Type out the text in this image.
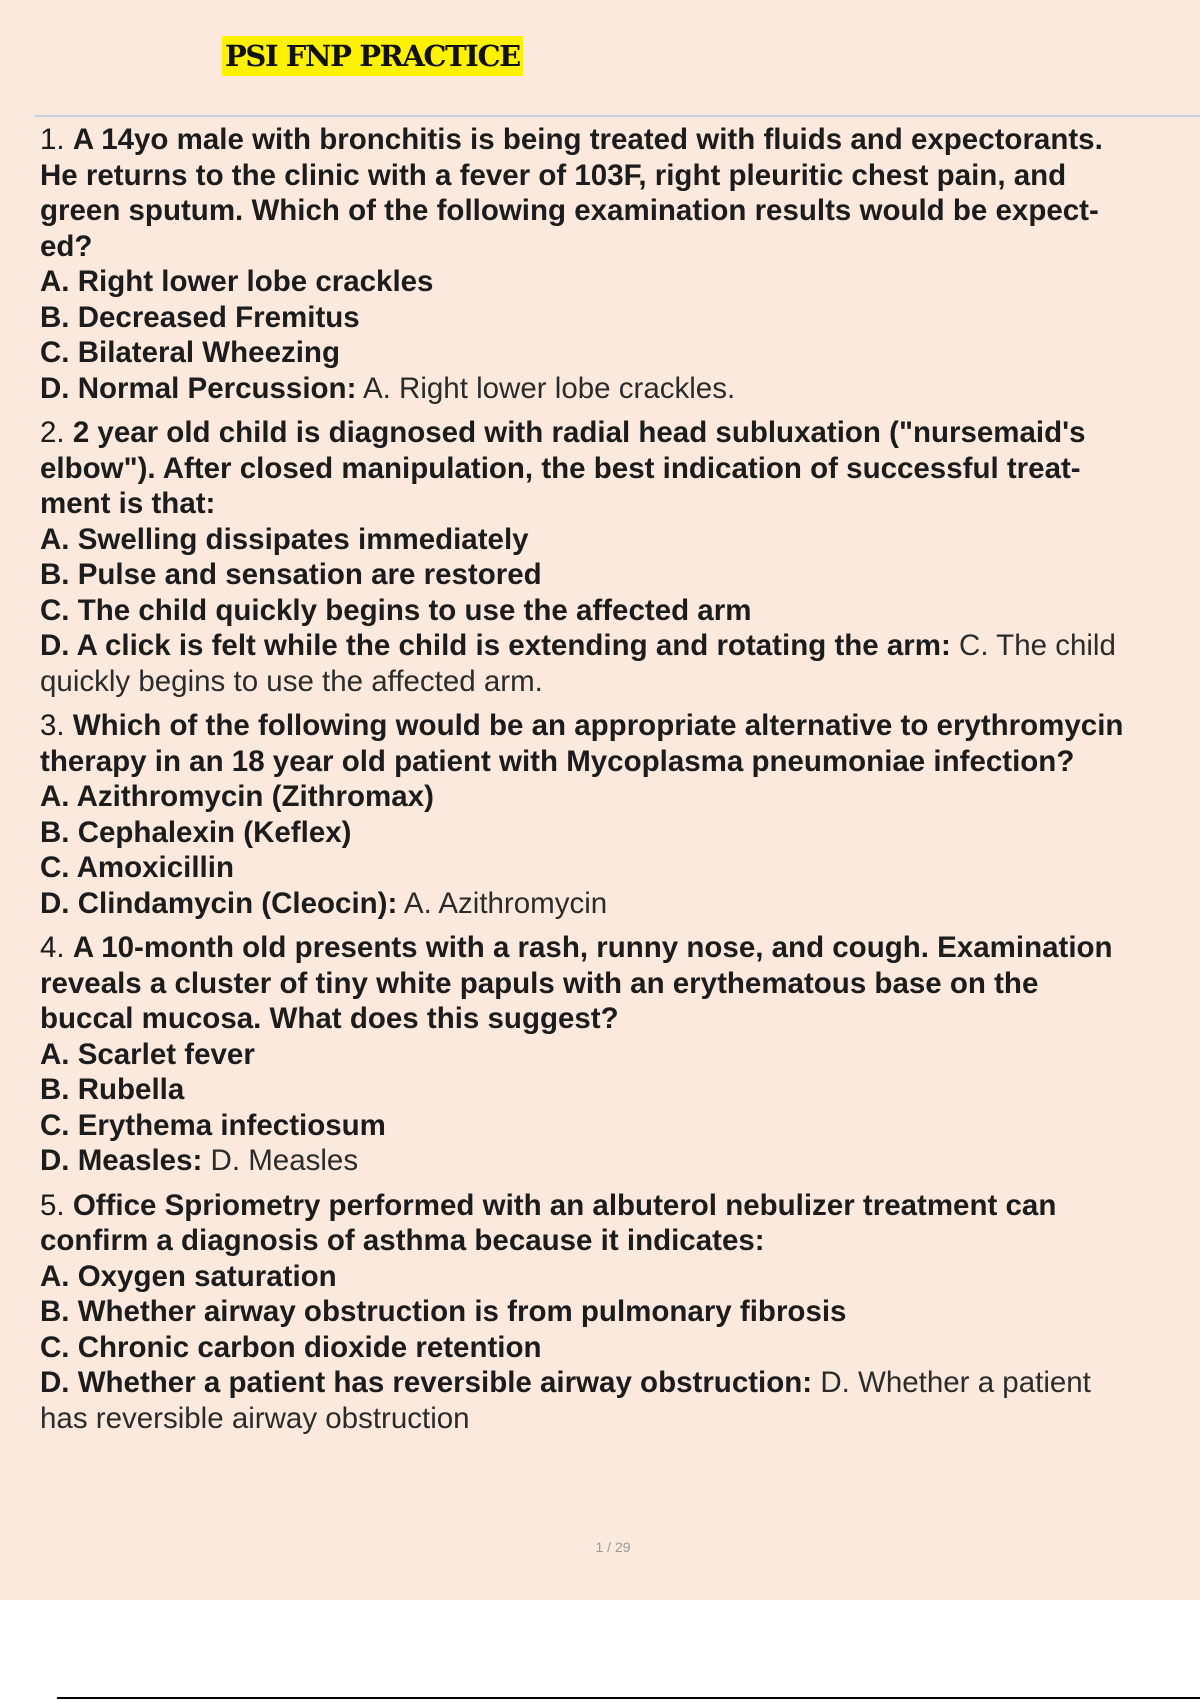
PSI FNP PRACTICE
1. A 14yo male with bronchitis is being treated with fluids and expectorants.
He returns to the clinic with a fever of 103F, right pleuritic chest pain, and
green sputum. Which of the following examination results would be expect-
ed?
A. Right lower lobe crackles
B. Decreased Fremitus
C. Bilateral Wheezing
D. Normal Percussion: A. Right lower lobe crackles.
2. 2 year old child is diagnosed with radial head subluxation ("nursemaid's
elbow"). After closed manipulation, the best indication of successful treat-
ment is that:
A. Swelling dissipates immediately
B. Pulse and sensation are restored
C. The child quickly begins to use the affected arm
D. A click is felt while the child is extending and rotating the arm: C. The child
quickly begins to use the affected arm.
3. Which of the following would be an appropriate alternative to erythromycin
therapy in an 18 year old patient with Mycoplasma pneumoniae infection?
A. Azithromycin (Zithromax)
B. Cephalexin (Keflex)
C. Amoxicillin
D. Clindamycin (Cleocin): A. Azithromycin
4. A 10-month old presents with a rash, runny nose, and cough. Examination
reveals a cluster of tiny white papuls with an erythematous base on the
buccal mucosa. What does this suggest?
A. Scarlet fever
B. Rubella
C. Erythema infectiosum
D. Measles: D. Measles
5. Office Spriometry performed with an albuterol nebulizer treatment can
confirm a diagnosis of asthma because it indicates:
A. Oxygen saturation
B. Whether airway obstruction is from pulmonary fibrosis
C. Chronic carbon dioxide retention
D. Whether a patient has reversible airway obstruction: D. Whether a patient
has reversible airway obstruction
1 / 29
